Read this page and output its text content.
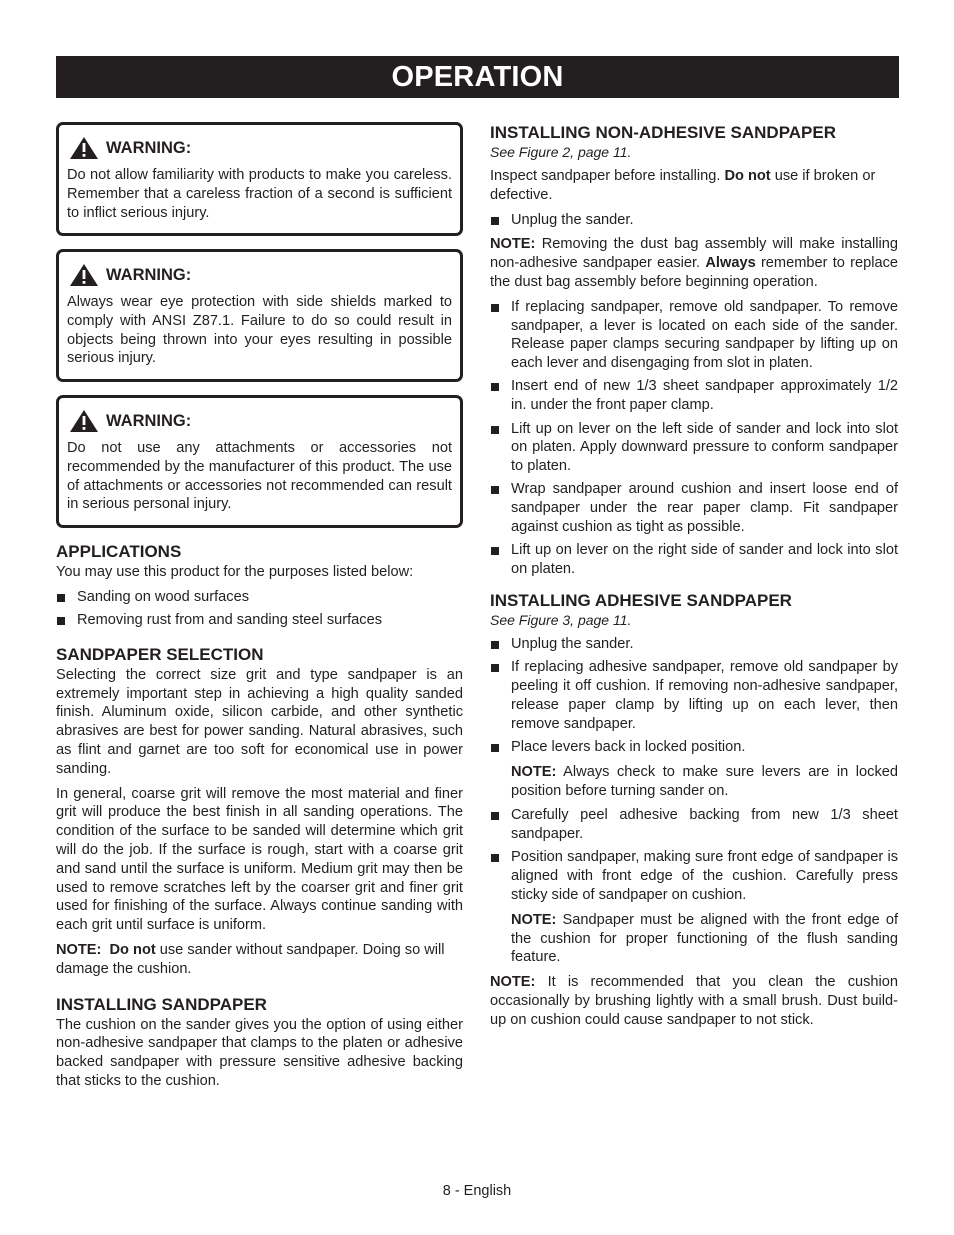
OPERATION
WARNING:

Do not allow familiarity with products to make you careless. Remember that a careless fraction of a second is sufficient to inflict serious injury.

WARNING:

Always wear eye protection with side shields marked to comply with ANSI Z87.1. Failure to do so could result in objects being thrown into your eyes resulting in possible serious injury.

WARNING:

Do not use any attachments or accessories not recommended by the manufacturer of this product. The use of attachments or accessories not recommended can result in serious personal injury.

APPLICATIONS

You may use this product for the purposes listed below:

Sanding on wood surfaces
Removing rust from and sanding steel surfaces
SANDPAPER SELECTION

Selecting the correct size grit and type sandpaper is an extremely important step in achieving a high quality sanded finish. Aluminum oxide, silicon carbide, and other synthetic abrasives are best for power sanding. Natural abrasives, such as flint and garnet are too soft for economical use in power sanding.

In general, coarse grit will remove the most material and finer grit will produce the best finish in all sanding operations. The condition of the surface to be sanded will determine which grit will do the job. If the surface is rough, start with a coarse grit and sand until the surface is uniform. Medium grit may then be used to remove scratches left by the coarser grit and finer grit used for finishing of the surface. Always continue sanding with each grit until surface is uniform.

NOTE: Do not use sander without sandpaper. Doing so will damage the cushion.

INSTALLING SANDPAPER

The cushion on the sander gives you the option of using either non-adhesive sandpaper that clamps to the platen or adhesive backed sandpaper with pressure sensitive adhesive backing that sticks to the cushion.

INSTALLING NON-ADHESIVE SANDPAPER

See Figure 2, page 11.

Inspect sandpaper before installing. Do not use if broken or defective.

Unplug the sander.

NOTE: Removing the dust bag assembly will make installing non-adhesive sandpaper easier. Always remember to replace the dust bag assembly before beginning operation.

If replacing sandpaper, remove old sandpaper. To remove sandpaper, a lever is located on each side of the sander. Release paper clamps securing sandpaper by lifting up on each lever and disengaging from slot in platen.
Insert end of new 1/3 sheet sandpaper approximately 1/2 in. under the front paper clamp.
Lift up on lever on the left side of sander and lock into slot on platen. Apply downward pressure to conform sandpaper to platen.
Wrap sandpaper around cushion and insert loose end of sandpaper under the rear paper clamp. Fit sandpaper against cushion as tight as possible.
Lift up on lever on the right side of sander and lock into slot on platen.
INSTALLING ADHESIVE SANDPAPER

See Figure 3, page 11.

Unplug the sander.
If replacing adhesive sandpaper, remove old sandpaper by peeling it off cushion. If removing non-adhesive sandpaper, release paper clamp by lifting up on each lever, then remove sandpaper.
Place levers back in locked position.

NOTE: Always check to make sure levers are in locked position before turning sander on.

Carefully peel adhesive backing from new 1/3 sheet sandpaper.
Position sandpaper, making sure front edge of sandpaper is aligned with front edge of the cushion. Carefully press sticky side of sandpaper on cushion.

NOTE: Sandpaper must be aligned with the front edge of the cushion for proper functioning of the flush sanding feature.

NOTE: It is recommended that you clean the cushion occasionally by brushing lightly with a small brush. Dust build-up on cushion could cause sandpaper to not stick.

8 - English
